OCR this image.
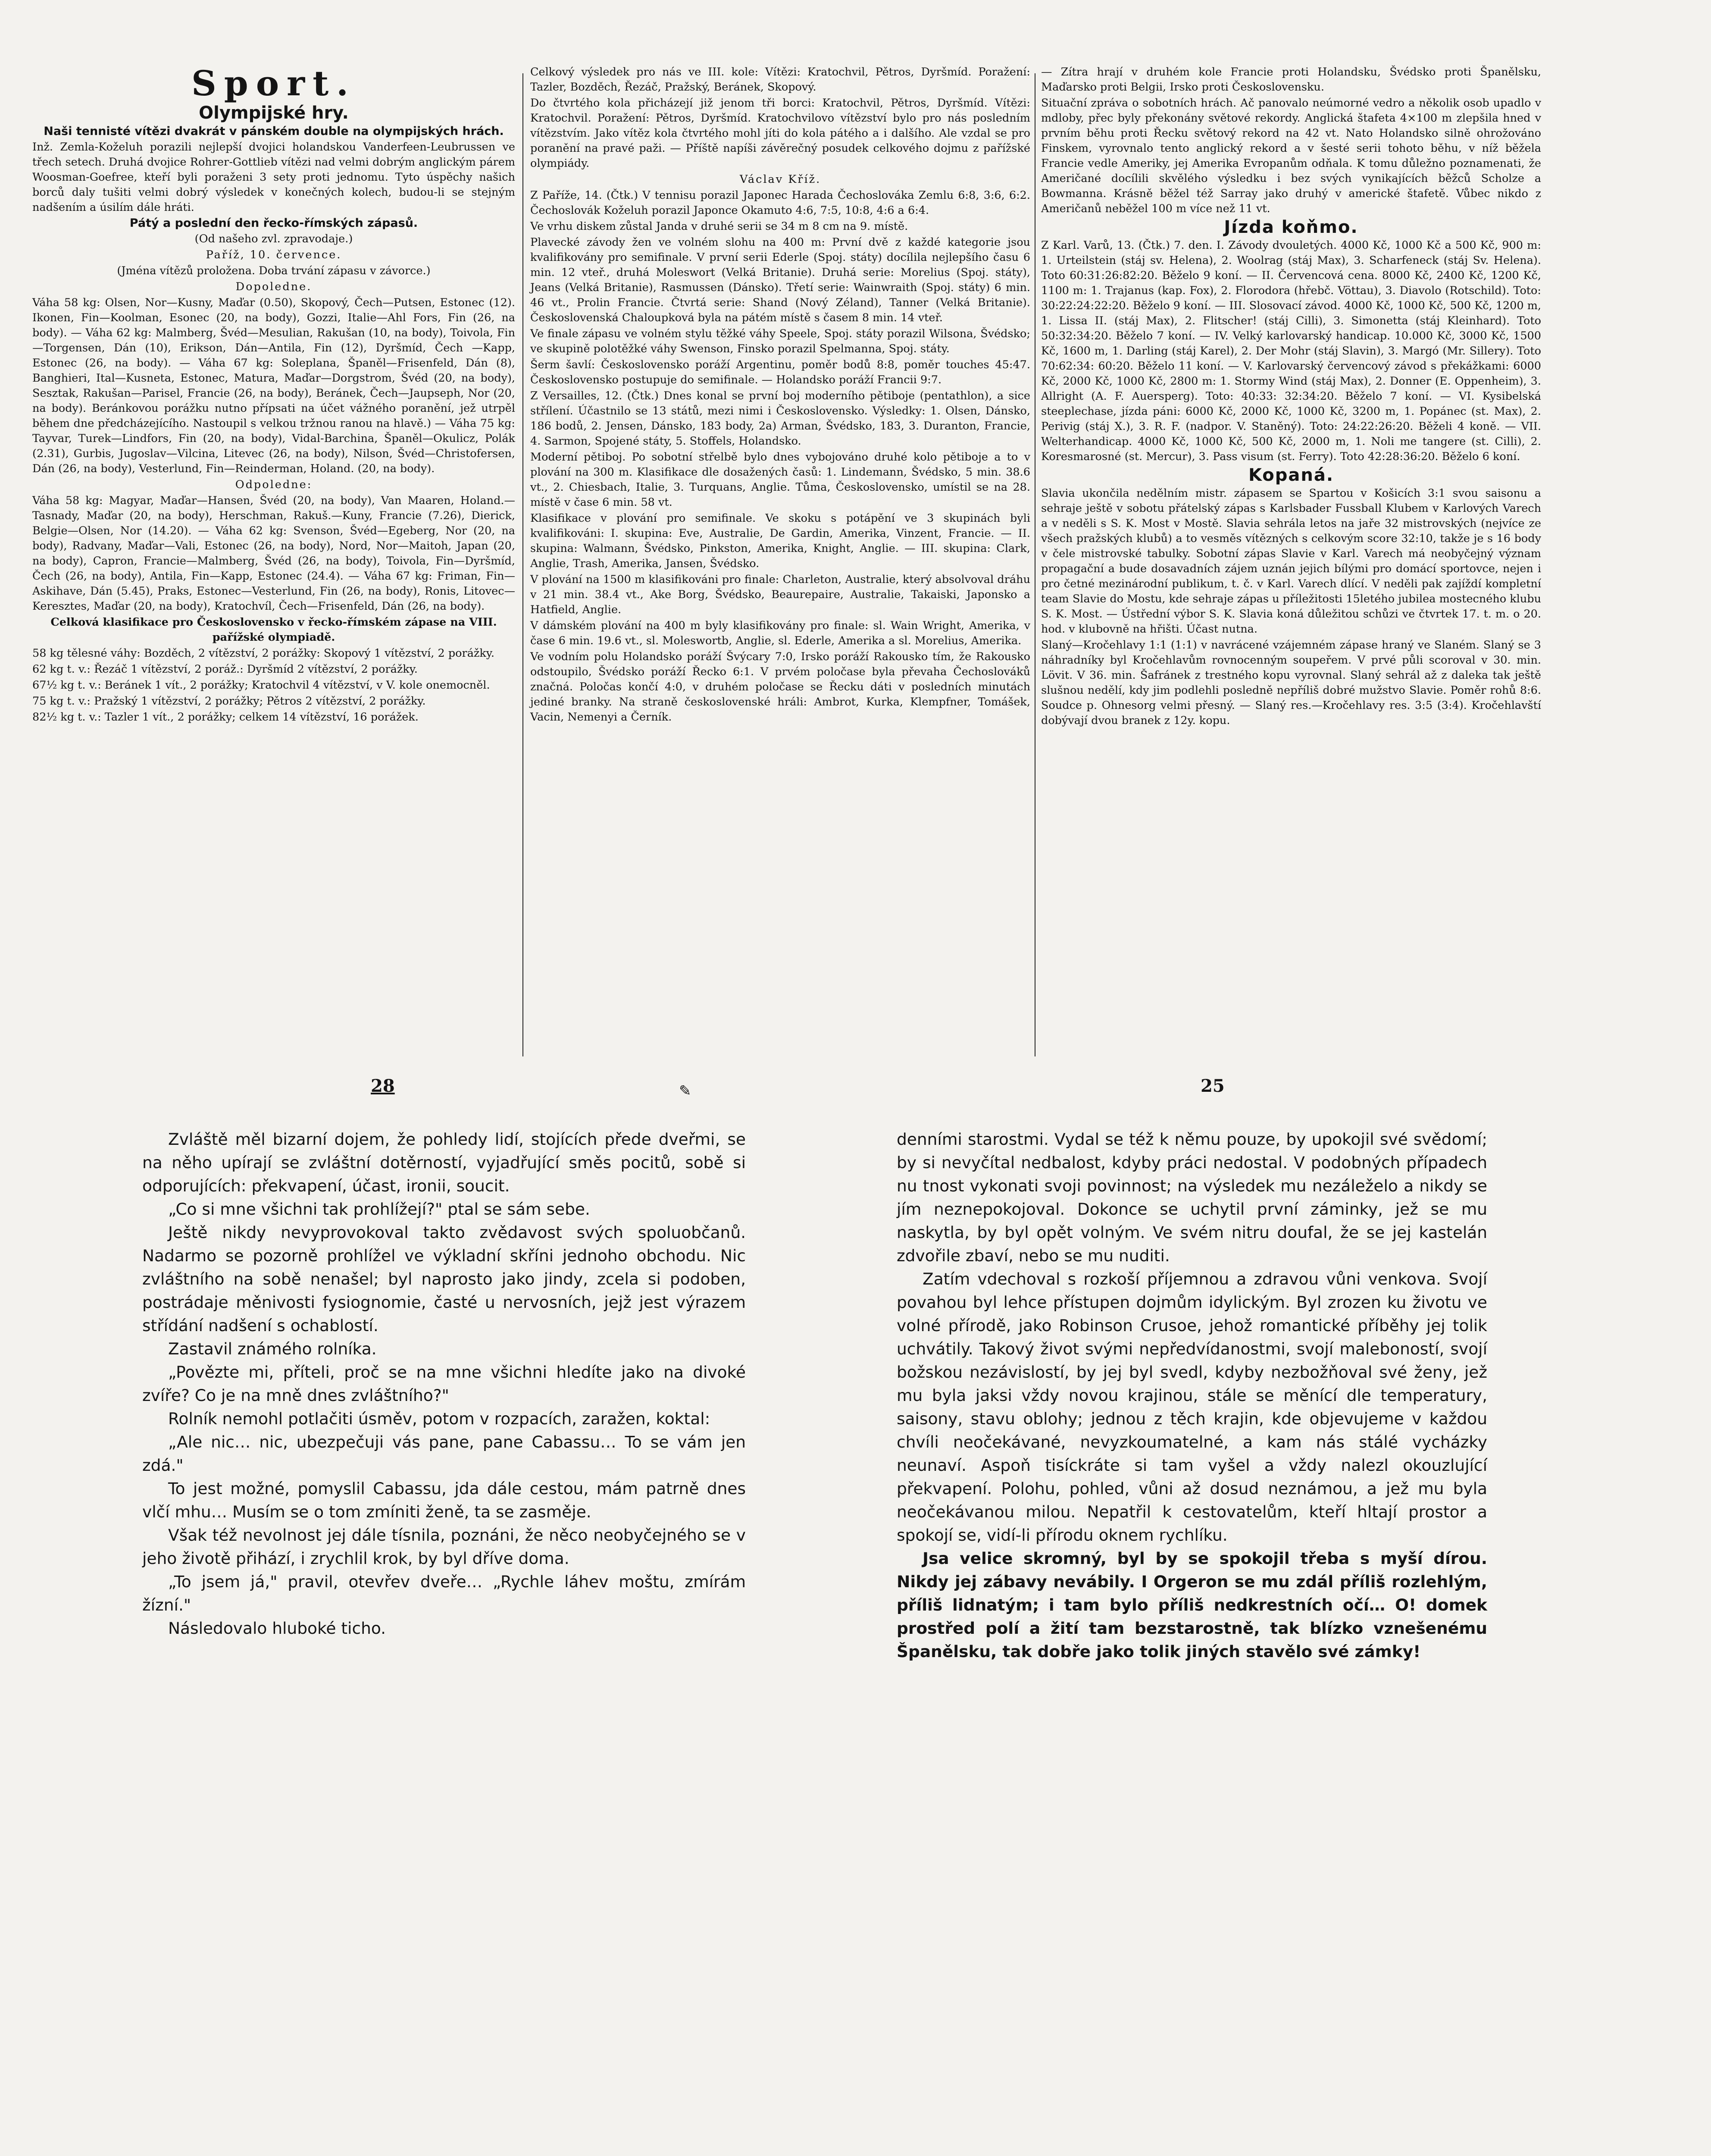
Sport.

Olympijské hry.

Naši tennisté vítězi dvakrát v pánském double na olympijských hrách.

Inž. Zemla-Koželuh porazili nejlepší dvojici holandskou Vanderfeen-Leubrussen ve třech setech. Druhá dvojice Rohrer-Gottlieb vítězi nad velmi dobrým anglickým párem Woosman-Goefree, kteří byli poraženi 3 sety proti jednomu. Tyto úspěchy našich borců daly tušiti velmi dobrý výsledek v konečných kolech, budou-li se stejným nadšením a úsilím dále hráti.

Pátý a poslední den řecko-římských zápasů.

(Od našeho zvl. zpravodaje.)

Paříž, 10. července.

(Jména vítězů proložena. Doba trvání zápasu v závorce.)

Dopoledne.

Váha 58 kg: Olsen, Nor—Kusny, Maďar (0.50), Skopový, Čech—Putsen, Estonec (12). Ikonen, Fin—Koolman, Esonec (20, na body), Gozzi, Italie—Ahl Fors, Fin (26, na body). — Váha 62 kg: Malmberg, Švéd—Mesulian, Rakušan (10, na body), Toivola, Fin—Torgensen, Dán (10), Erikson, Dán—Antila, Fin (12), Dyršmíd, Čech —Kapp, Estonec (26, na body). — Váha 67 kg: Soleplana, Španěl—Frisenfeld, Dán (8), Banghieri, Ital—Kusneta, Estonec, Matura, Maďar—Dorgstrom, Švéd (20, na body), Sesztak, Rakušan—Parisel, Francie (26, na body), Beránek, Čech—Jaupseph, Nor (20, na body). Beránkovou porážku nutno přípsati na účet vážného poranění, jež utrpěl během dne předcházejícího. Nastoupil s velkou tržnou ranou na hlavě.) — Váha 75 kg: Tayvar, Turek—Lindfors, Fin (20, na body), Vidal-Barchina, Španěl—Okulicz, Polák (2.31), Gurbis, Jugoslav—Vilcina, Litevec (26, na body), Nilson, Švéd—Christofersen, Dán (26, na body), Vesterlund, Fin—Reinderman, Holand. (20, na body).

Odpoledne:

Váha 58 kg: Magyar, Maďar—Hansen, Švéd (20, na body), Van Maaren, Holand.—Tasnady, Maďar (20, na body), Herschman, Rakuš.—Kuny, Francie (7.26), Dierick, Belgie—Olsen, Nor (14.20). — Váha 62 kg: Svenson, Švéd—Egeberg, Nor (20, na body), Radvany, Maďar—Vali, Estonec (26, na body), Nord, Nor—Maitoh, Japan (20, na body), Capron, Francie—Malmberg, Švéd (26, na body), Toivola, Fin—Dyršmíd, Čech (26, na body), Antila, Fin—Kapp, Estonec (24.4). — Váha 67 kg: Friman, Fin—Askihave, Dán (5.45), Praks, Estonec—Vesterlund, Fin (26, na body), Ronis, Litovec—Keresztes, Maďar (20, na body), Kratochvíl, Čech—Frisenfeld, Dán (26, na body).

Celková klasifikace pro Československo v řecko-římském zápase na VIII. pařížské olympiadě.

58 kg tělesné váhy: Bozděch, 2 vítězství, 2 porážky: Skopový 1 vítězství, 2 porážky.

62 kg t. v.: Řezáč 1 vítězství, 2 poráž.: Dyršmíd 2 vítězství, 2 porážky.

67½ kg t. v.: Beránek 1 vít., 2 porážky; Kratochvil 4 vítězství, v V. kole onemocněl.

75 kg t. v.: Pražský 1 vítězství, 2 porážky; Pětros 2 vítězství, 2 porážky.

82½ kg t. v.: Tazler 1 vít., 2 porážky; celkem 14 vítězství, 16 porážek.

Celkový výsledek pro nás ve III. kole: Vítězi: Kratochvil, Pětros, Dyršmíd. Poražení: Tazler, Bozděch, Řezáč, Pražský, Beránek, Skopový.

Do čtvrtého kola přicházejí již jenom tři borci: Kratochvil, Pětros, Dyršmíd. Vítězi: Kratochvil. Poražení: Pětros, Dyršmíd. Kratochvilovo vítězství bylo pro nás posledním vítězstvím. Jako vítěz kola čtvrtého mohl jíti do kola pátého a i dalšího. Ale vzdal se pro poranění na pravé paži. — Příště napíši závěrečný posudek celkového dojmu z pařížské olympiády.

Václav Kříž.

Z Paříže, 14. (Čtk.) V tennisu porazil Japonec Harada Čechoslováka Zemlu 6:8, 3:6, 6:2. Čechoslovák Koželuh porazil Japonce Okamuto 4:6, 7:5, 10:8, 4:6 a 6:4.

Ve vrhu diskem zůstal Janda v druhé serii se 34 m 8 cm na 9. místě.

Plavecké závody žen ve volném slohu na 400 m: První dvě z každé kategorie jsou kvalifikovány pro semifinale. V první serii Ederle (Spoj. státy) docílila nejlepšího času 6 min. 12 vteř., druhá Moleswort (Velká Britanie). Druhá serie: Morelius (Spoj. státy), Jeans (Velká Britanie), Rasmussen (Dánsko). Třetí serie: Wainwraith (Spoj. státy) 6 min. 46 vt., Prolin Francie. Čtvrtá serie: Shand (Nový Zéland), Tanner (Velká Britanie). Československá Chaloupková byla na pátém místě s časem 8 min. 14 vteř.

Ve finale zápasu ve volném stylu těžké váhy Speele, Spoj. státy porazil Wilsona, Švédsko; ve skupině polotěžké váhy Swenson, Finsko porazil Spelmanna, Spoj. státy.

Šerm šavlí: Československo poráží Argentinu, poměr bodů 8:8, poměr touches 45:47. Československo postupuje do semifinale. — Holandsko poráží Francii 9:7.

Z Versailles, 12. (Čtk.) Dnes konal se první boj moderního pětiboje (pentathlon), a sice střílení. Účastnilo se 13 států, mezi nimi i Československo. Výsledky: 1. Olsen, Dánsko, 186 bodů, 2. Jensen, Dánsko, 183 body, 2a) Arman, Švédsko, 183, 3. Duranton, Francie, 4. Sarmon, Spojené státy, 5. Stoffels, Holandsko.

Moderní pětiboj. Po sobotní střelbě bylo dnes vybojováno druhé kolo pětiboje a to v plování na 300 m. Klasifikace dle dosažených časů: 1. Lindemann, Švédsko, 5 min. 38.6 vt., 2. Chiesbach, Italie, 3. Turquans, Anglie. Tůma, Československo, umístil se na 28. místě v čase 6 min. 58 vt.

Klasifikace v plování pro semifinale. Ve skoku s potápění ve 3 skupinách byli kvalifikováni: I. skupina: Eve, Australie, De Gardin, Amerika, Vinzent, Francie. — II. skupina: Walmann, Švédsko, Pinkston, Amerika, Knight, Anglie. — III. skupina: Clark, Anglie, Trash, Amerika, Jansen, Švédsko.

V plování na 1500 m klasifikováni pro finale: Charleton, Australie, který absolvoval dráhu v 21 min. 38.4 vt., Ake Borg, Švédsko, Beaurepaire, Australie, Takaiski, Japonsko a Hatfield, Anglie.

V dámském plování na 400 m byly klasifikovány pro finale: sl. Wain Wright, Amerika, v čase 6 min. 19.6 vt., sl. Moleswortb, Anglie, sl. Ederle, Amerika a sl. Morelius, Amerika.

Ve vodním polu Holandsko poráží Švýcary 7:0, Irsko poráží Rakousko tím, že Rakousko odstoupilo, Švédsko poráží Řecko 6:1. V prvém poločase byla převaha Čechoslováků značná. Poločas končí 4:0, v druhém poločase se Řecku dáti v posledních minutách jediné branky. Na straně československé hráli: Ambrot, Kurka, Klempfner, Tomášek, Vacin, Nemenyi a Černík.

— Zítra hrají v druhém kole Francie proti Holandsku, Švédsko proti Španělsku, Maďarsko proti Belgii, Irsko proti Československu.

Situační zpráva o sobotních hrách. Ač panovalo neúmorné vedro a několik osob upadlo v mdloby, přec byly překonány světové rekordy. Anglická štafeta 4×100 m zlepšila hned v prvním běhu proti Řecku světový rekord na 42 vt. Nato Holandsko silně ohrožováno Finskem, vyrovnalo tento anglický rekord a v šesté serii tohoto běhu, v níž běžela Francie vedle Ameriky, jej Amerika Evropanům odňala. K tomu důležno poznamenati, že Američané docílili skvělého výsledku i bez svých vynikajících běžců Scholze a Bowmanna. Krásně běžel též Sarray jako druhý v americké štafetě. Vůbec nikdo z Američanů neběžel 100 m více než 11 vt.

Jízda koňmo.

Z Karl. Varů, 13. (Čtk.) 7. den. I. Závody dvouletých. 4000 Kč, 1000 Kč a 500 Kč, 900 m: 1. Urteilstein (stáj sv. Helena), 2. Woolrag (stáj Max), 3. Scharfeneck (stáj Sv. Helena). Toto 60:31:26:82:20. Běželo 9 koní. — II. Červencová cena. 8000 Kč, 2400 Kč, 1200 Kč, 1100 m: 1. Trajanus (kap. Fox), 2. Florodora (hřebč. Vöttau), 3. Diavolo (Rotschild). Toto: 30:22:24:22:20. Běželo 9 koní. — III. Slosovací závod. 4000 Kč, 1000 Kč, 500 Kč, 1200 m, 1. Lissa II. (stáj Max), 2. Flitscher! (stáj Cilli), 3. Simonetta (stáj Kleinhard). Toto 50:32:34:20. Běželo 7 koní. — IV. Velký karlovarský handicap. 10.000 Kč, 3000 Kč, 1500 Kč, 1600 m, 1. Darling (stáj Karel), 2. Der Mohr (stáj Slavin), 3. Margó (Mr. Sillery). Toto 70:62:34: 60:20. Běželo 11 koní. — V. Karlovarský červencový závod s překážkami: 6000 Kč, 2000 Kč, 1000 Kč, 2800 m: 1. Stormy Wind (stáj Max), 2. Donner (E. Oppenheim), 3. Allright (A. F. Auersperg). Toto: 40:33: 32:34:20. Běželo 7 koní. — VI. Kysibelská steeplechase, jízda páni: 6000 Kč, 2000 Kč, 1000 Kč, 3200 m, 1. Popánec (st. Max), 2. Perivig (stáj X.), 3. R. F. (nadpor. V. Staněný). Toto: 24:22:26:20. Běželi 4 koně. — VII. Welterhandicap. 4000 Kč, 1000 Kč, 500 Kč, 2000 m, 1. Noli me tangere (st. Cilli), 2. Koresmarosné (st. Mercur), 3. Pass visum (st. Ferry). Toto 42:28:36:20. Běželo 6 koní.

Kopaná.

Slavia ukončila nedělním mistr. zápasem se Spartou v Košicích 3:1 svou saisonu a sehraje ještě v sobotu přátelský zápas s Karlsbader Fussball Klubem v Karlových Varech a v neděli s S. K. Most v Mostě. Slavia sehrála letos na jaře 32 mistrovských (nejvíce ze všech pražských klubů) a to vesměs vítězných s celkovým score 32:10, takže je s 16 body v čele mistrovské tabulky. Sobotní zápas Slavie v Karl. Varech má neobyčejný význam propagační a bude dosavadních zájem uznán jejich bílými pro domácí sportovce, nejen i pro četné mezinárodní publikum, t. č. v Karl. Varech dlící. V neděli pak zajíždí kompletní team Slavie do Mostu, kde sehraje zápas u příležitosti 15letého jubilea mostecného klubu S. K. Most. — Ústřední výbor S. K. Slavia koná důležitou schůzi ve čtvrtek 17. t. m. o 20. hod. v klubovně na hřišti. Účast nutna.

Slaný—Kročehlavy 1:1 (1:1) v navrácené vzájemném zápase hraný ve Slaném. Slaný se 3 náhradníky byl Kročehlavům rovnocenným soupeřem. V prvé půli scoroval v 30. min. Lövit. V 36. min. Šafránek z trestného kopu vyrovnal. Slaný sehrál až z daleka tak ještě slušnou nedělí, kdy jim podlehli posledně nepříliš dobré mužstvo Slavie. Poměr rohů 8:6. Soudce p. Ohnesorg velmi přesný. — Slaný res.—Kročehlavy res. 3:5 (3:4). Kročehlavští dobývají dvou branek z 12y. kopu.

28	25
✎

Zvláště měl bizarní dojem, že pohledy lidí, stojících přede dveřmi, se na něho upírají se zvláštní dotěrností, vyjadřující směs pocitů, sobě si odporujících: překvapení, účast, ironii, soucit.

„Co si mne všichni tak prohlížejí?" ptal se sám sebe.

Ještě nikdy nevyprovokoval takto zvědavost svých spoluobčanů. Nadarmo se pozorně prohlížel ve výkladní skříni jednoho obchodu. Nic zvláštního na sobě nenašel; byl naprosto jako jindy, zcela si podoben, postrádaje měnivosti fysiognomie, časté u nervosních, jejž jest výrazem střídání nadšení s ochablostí.

Zastavil známého rolníka.

„Povězte mi, příteli, proč se na mne všichni hledíte jako na divoké zvíře? Co je na mně dnes zvláštního?"

Rolník nemohl potlačiti úsměv, potom v rozpacích, zaražen, koktal:

„Ale nic… nic, ubezpečuji vás pane, pane Cabassu… To se vám jen zdá."

To jest možné, pomyslil Cabassu, jda dále cestou, mám patrně dnes vlčí mhu… Musím se o tom zmíniti ženě, ta se zasměje.

Však též nevolnost jej dále tísnila, poznáni, že něco neobyčejného se v jeho životě přihází, i zrychlil krok, by byl dříve doma.

„To jsem já," pravil, otevřev dveře… „Rychle láhev moštu, zmírám žízní."

Následovalo hluboké ticho.

denními starostmi. Vydal se též k němu pouze, by upokojil své svědomí; by si nevyčítal nedbalost, kdyby práci nedostal. V podobných případech nu tnost vykonati svoji povinnost; na výsledek mu nezáleželo a nikdy se jím neznepokojoval. Dokonce se uchytil první záminky, jež se mu naskytla, by byl opět volným. Ve svém nitru doufal, že se jej kastelán zdvořile zbaví, nebo se mu nuditi.

Zatím vdechoval s rozkoší příjemnou a zdravou vůni venkova. Svojí povahou byl lehce přístupen dojmům idylickým. Byl zrozen ku životu ve volné přírodě, jako Robinson Crusoe, jehož romantické příběhy jej tolik uchvátily. Takový život svými nepředvídanostmi, svojí maleboností, svojí božskou nezávislostí, by jej byl svedl, kdyby nezbožňoval své ženy, jež mu byla jaksi vždy novou krajinou, stále se měnící dle temperatury, saisony, stavu oblohy; jednou z těch krajin, kde objevujeme v každou chvíli neočekávané, nevyzkoumatelné, a kam nás stálé vycházky neunaví. Aspoň tisíckráte si tam vyšel a vždy nalezl okouzlující překvapení. Polohu, pohled, vůni až dosud neznámou, a jež mu byla neočekávanou milou. Nepatřil k cestovatelům, kteří hltají prostor a spokojí se, vidí-li přírodu oknem rychlíku.

Jsa velice skromný, byl by se spokojil třeba s myší dírou. Nikdy jej zábavy nevábily. I Orgeron se mu zdál příliš rozlehlým, příliš lidnatým; i tam bylo příliš nedkrestních očí… O! domek prostřed polí a žití tam bezstarostně, tak blízko vznešenému Španělsku, tak dobře jako tolik jiných stavělo své zámky!
